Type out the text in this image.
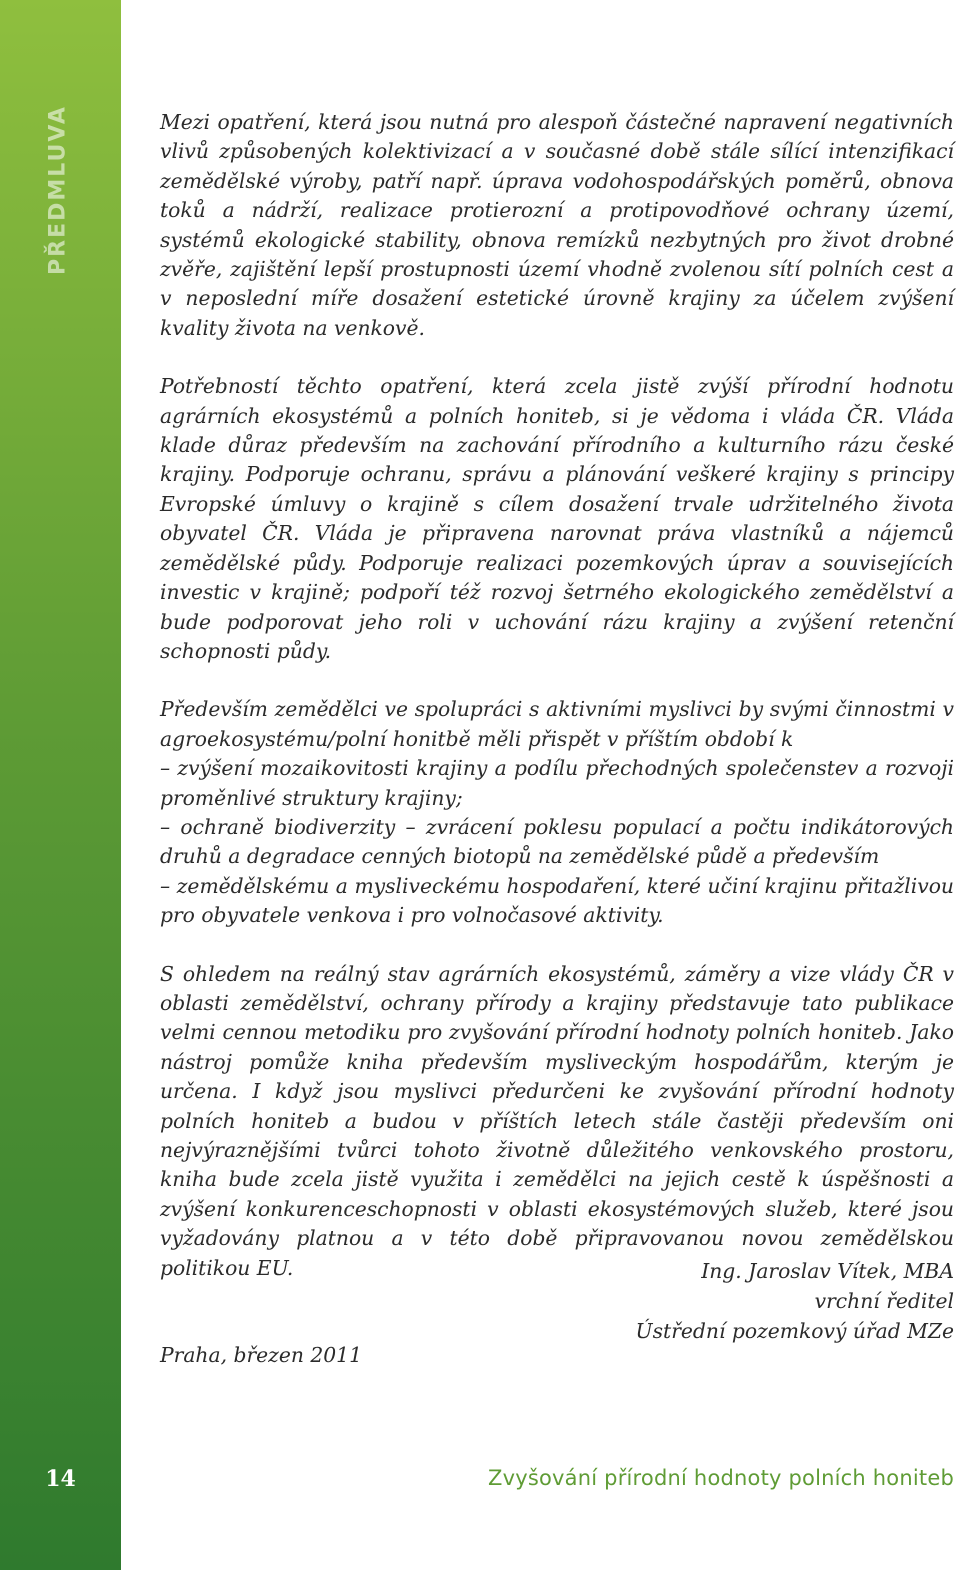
PŘEDMLUVA
14

Mezi opatření, která jsou nutná pro alespoň částečné napravení negativních vlivů způsobených kolektivizací a v současné době stále sílící intenzifikací zemědělské výroby, patří např. úprava vodohospodářských poměrů, obnova toků a nádrží, realizace protierozní a protipovodňové ochrany území, systémů ekologické stability, obnova remízků nezbytných pro život drobné zvěře, zajištění lepší prostupnosti území vhodně zvolenou sítí polních cest a v neposlední míře dosažení estetické úrovně krajiny za účelem zvýšení kvality života na venkově.

Potřebností těchto opatření, která zcela jistě zvýší přírodní hodnotu agrárních ekosystémů a polních honiteb, si je vědoma i vláda ČR. Vláda klade důraz především na zachování přírodního a kulturního rázu české krajiny. Podporuje ochranu, správu a plánování veškeré krajiny s principy Evropské úmluvy o krajině s cílem dosažení trvale udržitelného života obyvatel ČR. Vláda je připravena narovnat práva vlastníků a nájemců zemědělské půdy. Podporuje realizaci pozemkových úprav a souvisejících investic v krajině; podpoří též rozvoj šetrného ekologického zemědělství a bude podporovat jeho roli v uchování rázu krajiny a zvýšení retenční schopnosti půdy.

Především zemědělci ve spolupráci s aktivními myslivci by svými činnostmi v agroekosystému/polní honitbě měli přispět v příštím období k
– zvýšení mozaikovitosti krajiny a podílu přechodných společenstev a rozvoji proměnlivé struktury krajiny;
– ochraně biodiverzity – zvrácení poklesu populací a počtu indikátorových druhů a degradace cenných biotopů na zemědělské půdě a především
– zemědělskému a mysliveckému hospodaření, které učiní krajinu přitažlivou pro obyvatele venkova i pro volnočasové aktivity.

S ohledem na reálný stav agrárních ekosystémů, záměry a vize vlády ČR v oblasti zemědělství, ochrany přírody a krajiny představuje tato publikace velmi cennou metodiku pro zvyšování přírodní hodnoty polních honiteb. Jako nástroj pomůže kniha především mysliveckým hospodářům, kterým je určena. I když jsou myslivci předurčeni ke zvyšování přírodní hodnoty polních honiteb a budou v příštích letech stále častěji především oni nejvýraznějšími tvůrci tohoto životně důležitého venkovského prostoru, kniha bude zcela jistě využita i zemědělci na jejich cestě k úspěšnosti a zvýšení konkurenceschopnosti v oblasti ekosystémových služeb, které jsou vyžadovány platnou a v této době připravovanou novou zemědělskou politikou EU.

Praha, březen 2011

Ing. Jaroslav Vítek, MBA
vrchní ředitel
Ústřední pozemkový úřad MZe
Zvyšování přírodní hodnoty polních honiteb
